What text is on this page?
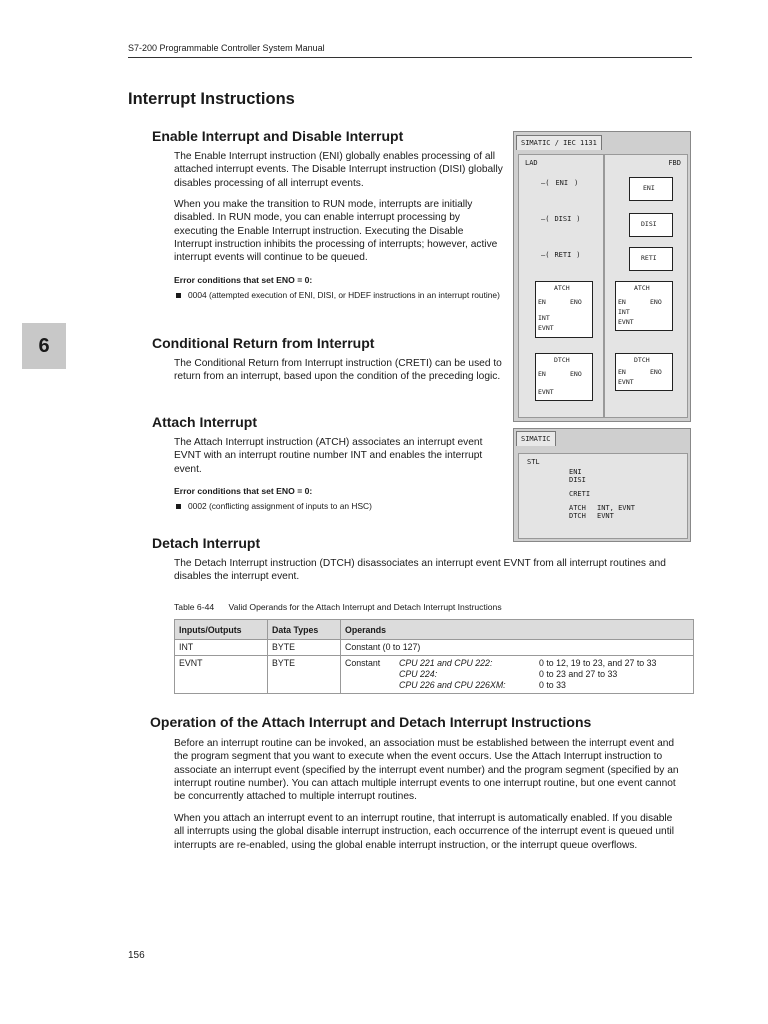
S7-200 Programmable Controller System Manual
6
Interrupt Instructions
Enable Interrupt and Disable Interrupt

The Enable Interrupt instruction (ENI) globally enables processing of all attached interrupt events. The Disable Interrupt instruction (DISI) globally disables processing of all interrupt events.

When you make the transition to RUN mode, interrupts are initially disabled. In RUN mode, you can enable interrupt processing by executing the Enable Interrupt instruction. Executing the Disable Interrupt instruction inhibits the processing of interrupts; however, active interrupt events will continue to be queued.

Error conditions that set ENO = 0:

0004 (attempted execution of ENI, DISI, or HDEF instructions in an interrupt routine)
Conditional Return from Interrupt

The Conditional Return from Interrupt instruction (CRETI) can be used to return from an interrupt, based upon the condition of the preceding logic.

Attach Interrupt

The Attach Interrupt instruction (ATCH) associates an interrupt event EVNT with an interrupt routine number INT and enables the interrupt event.

Error conditions that set ENO = 0:

0002 (conflicting assignment of inputs to an HSC)
Detach Interrupt

The Detach Interrupt instruction (DTCH) disassociates an interrupt event EVNT from all interrupt routines and disables the interrupt event.

Table 6-44 Valid Operands for the Attach Interrupt and Detach Interrupt Instructions
Inputs/Outputs	Data Types	Operands
INT	BYTE	Constant (0 to 127)
EVNT	BYTE	Constant CPU 221 and CPU 222: 0 to 12, 19 to 23, and 27 to 33
CPU 224: 0 to 23 and 27 to 33
CPU 226 and CPU 226XM: 0 to 33
Operation of the Attach Interrupt and Detach Interrupt Instructions

Before an interrupt routine can be invoked, an association must be established between the interrupt event and the program segment that you want to execute when the event occurs. Use the Attach Interrupt instruction to associate an interrupt event (specified by the interrupt event number) and the program segment (specified by an interrupt routine number). You can attach multiple interrupt events to one interrupt routine, but one event cannot be concurrently attached to multiple interrupt routines.

When you attach an interrupt event to an interrupt routine, that interrupt is automatically enabled. If you disable all interrupts using the global disable interrupt instruction, each occurrence of the interrupt event is queued until interrupts are re-enabled, using the global enable interrupt instruction, or the interrupt queue overflows.

156
SIMATIC / IEC 1131
LAD
–( ENI )
–( DISI )
–( RETI )
ATCH
EN	ENO
INT
EVNT
DTCH
EN	ENO
EVNT
FBD
ENI
DISI
RETI
ATCH
EN	ENO
INT
EVNT
DTCH
EN	ENO
EVNT
SIMATIC
STL
ENI
DISI
CRETI
ATCH INT, EVNT
DTCH EVNT
